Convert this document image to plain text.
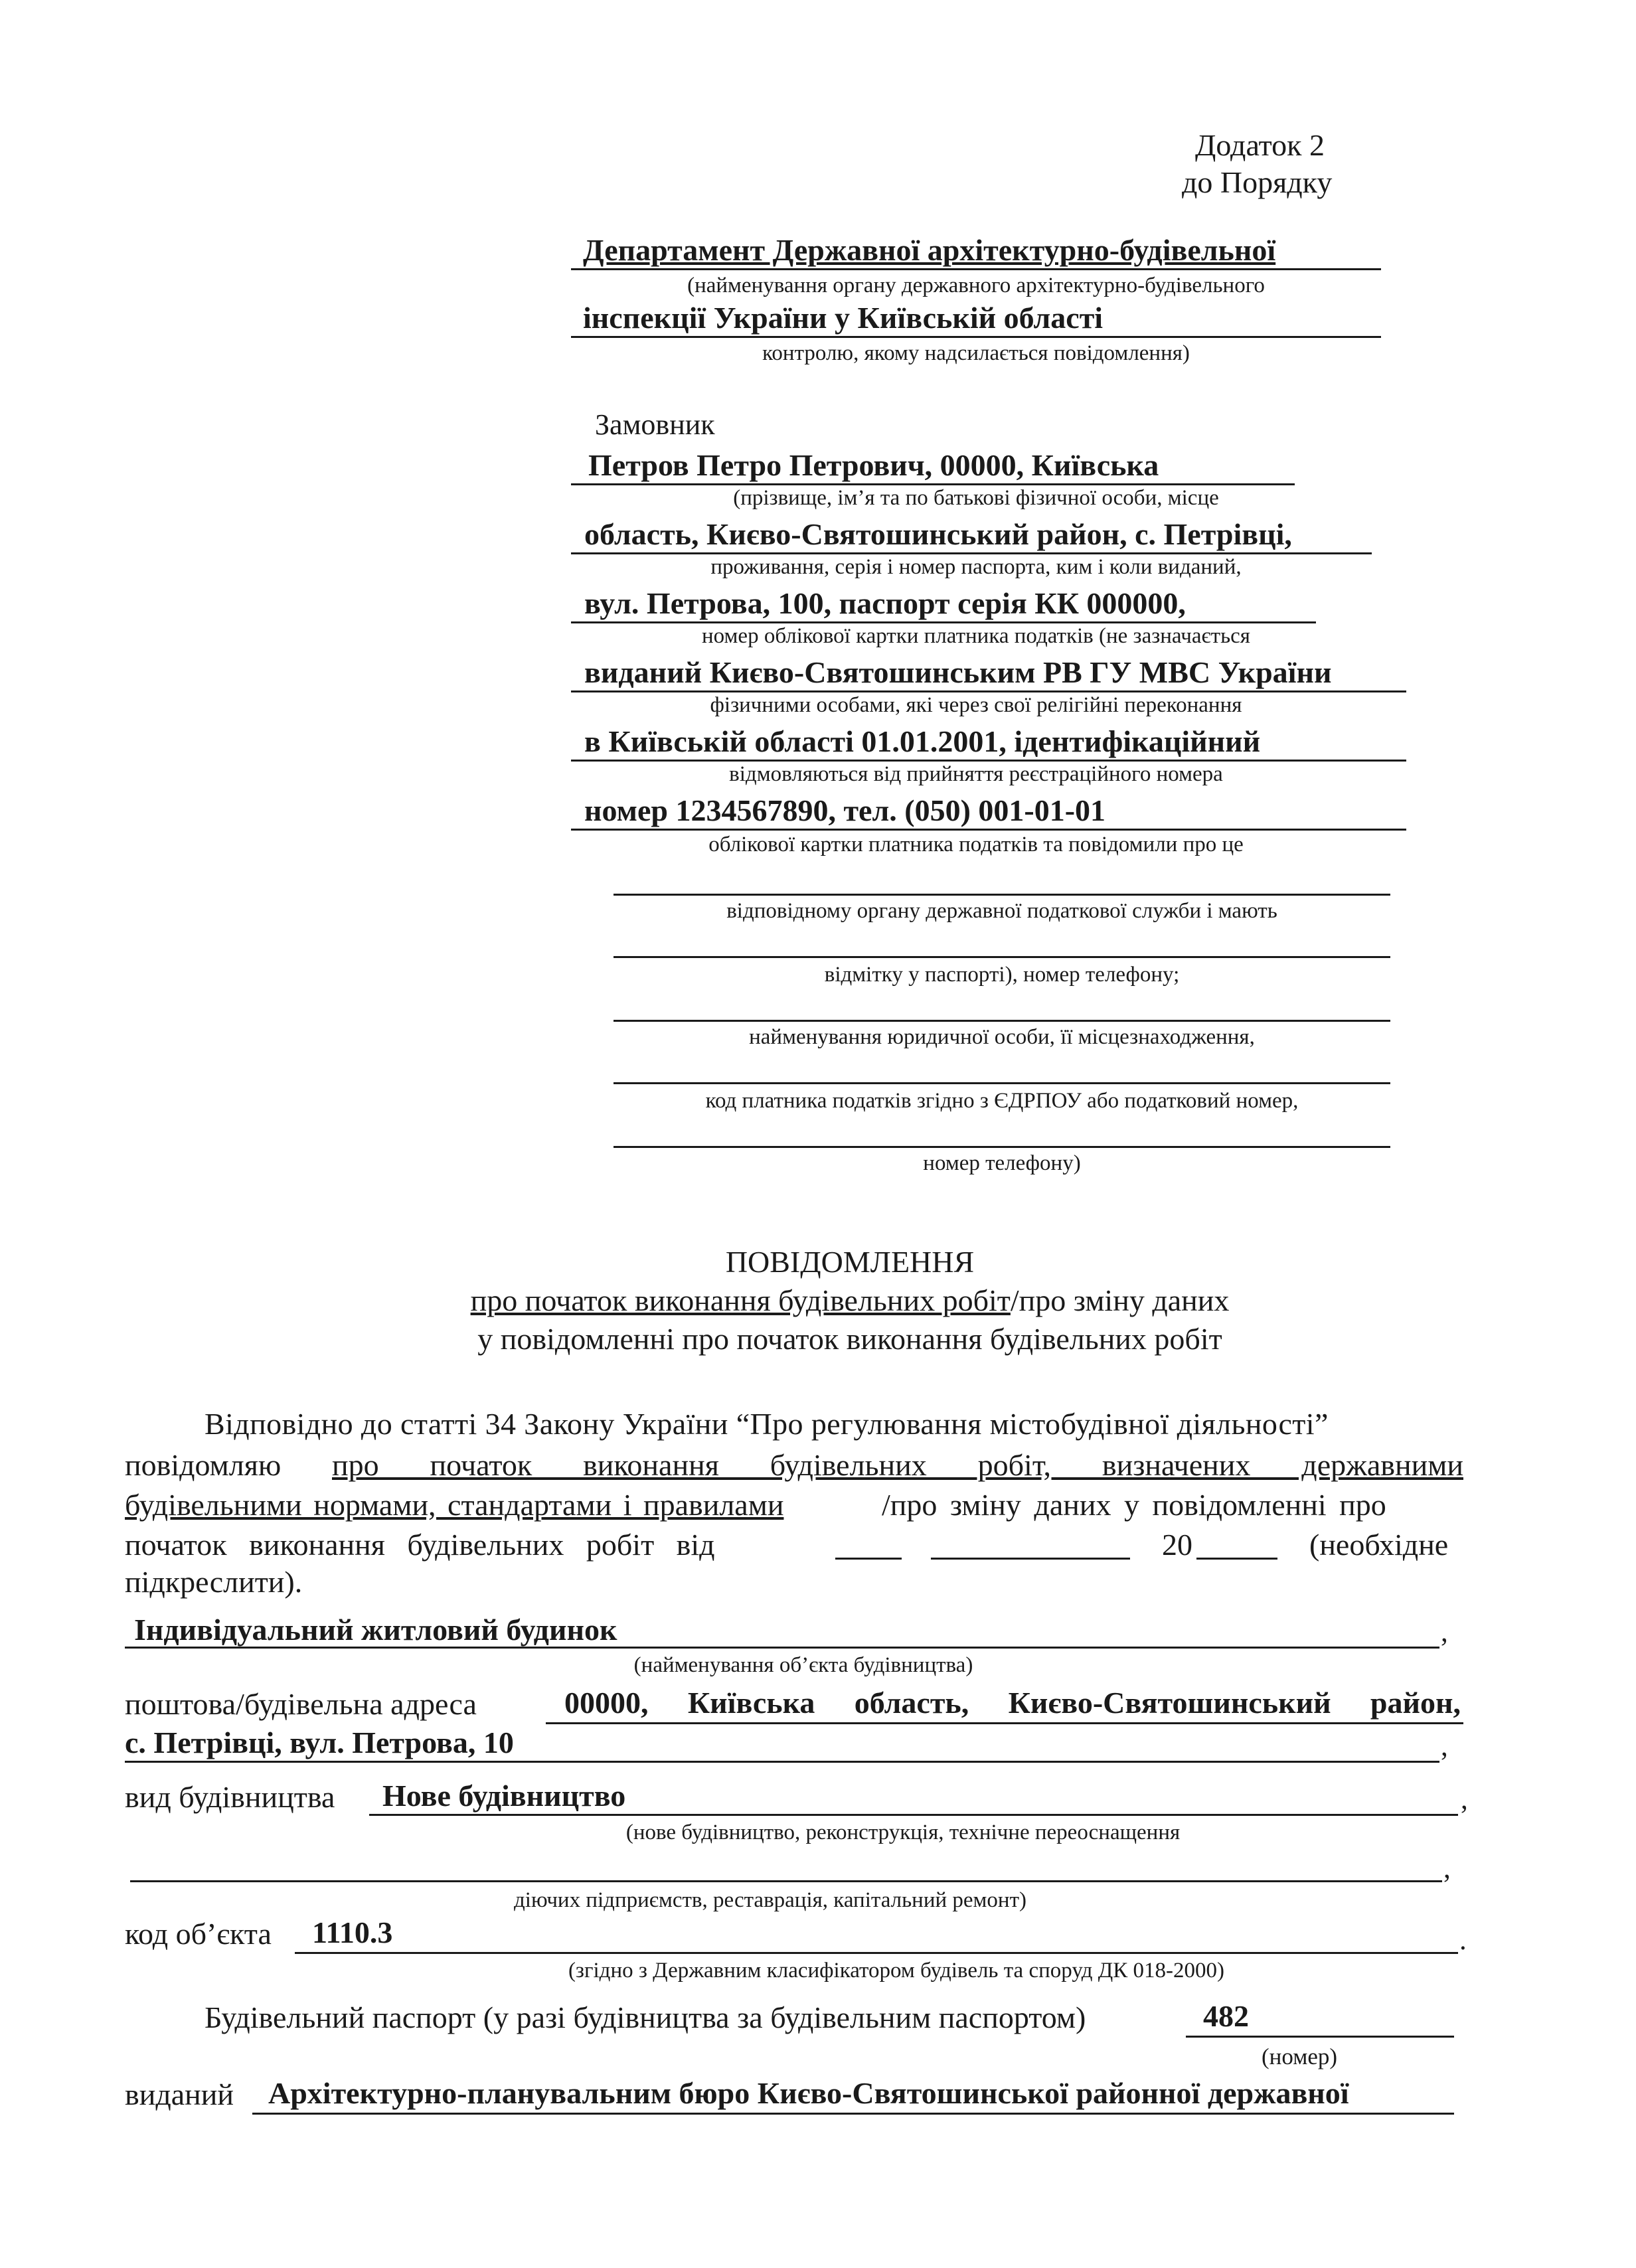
Додаток 2
до Порядку
Департамент Державної архітектурно-будівельної
(найменування органу державного архітектурно-будівельного
інспекції України у Київській області
контролю, якому надсилається повідомлення)
Замовник
Петров Петро Петрович, 00000, Київська
(прізвище, ім’я та по батькові фізичної особи, місце
область, Києво-Святошинський район, с. Петрівці,
проживання, серія і номер паспорта, ким і коли виданий,
вул. Петрова, 100, паспорт серія КК 000000,
номер облікової картки платника податків (не зазначається
виданий Києво-Святошинським РВ ГУ МВС України
фізичними особами, які через свої релігійні переконання
в Київській області 01.01.2001, ідентифікаційний
відмовляються від прийняття реєстраційного номера
номер 1234567890, тел. (050) 001-01-01
облікової картки платника податків та повідомили про це
відповідному органу державної податкової служби і мають
відмітку у паспорті), номер телефону;
найменування юридичної особи, її місцезнаходження,
код платника податків згідно з ЄДРПОУ або податковий номер,
номер телефону)
ПОВІДОМЛЕННЯ
про початок виконання будівельних робіт/про зміну даних
у повідомленні про початок виконання будівельних робіт
Відповідно до статті 34 Закону України “Про регулювання містобудівної діяльності”
повідомляю про початок виконання будівельних робіт, визначених державними
будівельними нормами, стандартами і правилами	/про зміну даних у повідомленні про
початок виконання будівельних робіт від	20	(необхідне
підкреслити).
Індивідуальний житловий будинок	,
(найменування об’єкта будівництва)
поштова/будівельна адреса	00000, Київська область, Києво-Святошинський район,
с. Петрівці, вул. Петрова, 10	,
вид будівництва Нове будівництво	,
(нове будівництво, реконструкція, технічне переоснащення
,
діючих підприємств, реставрація, капітальний ремонт)
код об’єкта 1110.3	.
(згідно з Державним класифікатором будівель та споруд ДК 018-2000)
Будівельний паспорт (у разі будівництва за будівельним паспортом)	482
(номер)
виданий Архітектурно-планувальним бюро Києво-Святошинської районної державної
